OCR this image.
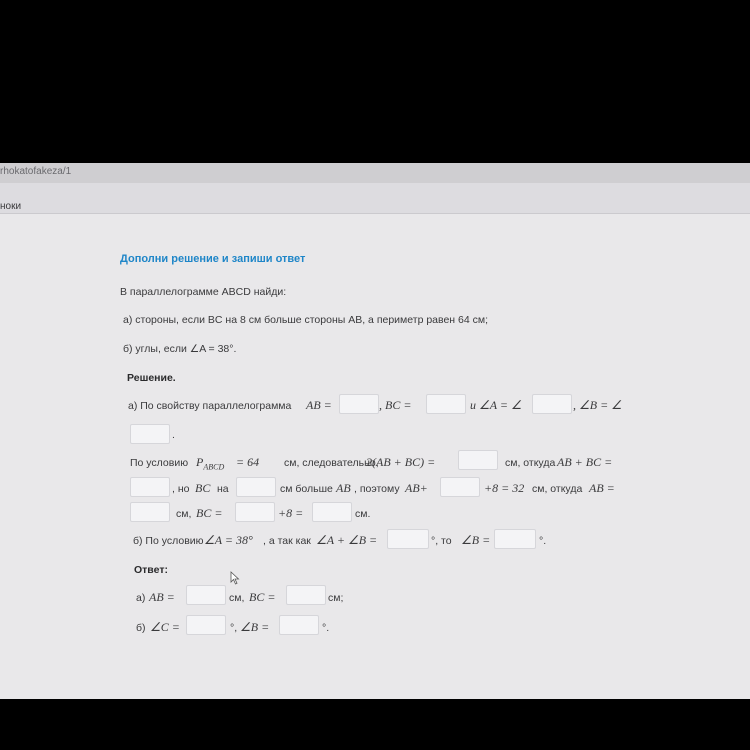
rhokatofakeza/1
ноки
Дополни решение и запиши ответ
В параллелограмме ABCD найди:
а) стороны, если BC на 8 см больше стороны AB, а периметр равен 64 см;
б) углы, если ∠A = 38°.
Решение.
а) По свойству параллелограмма AB =	, BC =	и ∠A = ∠	, ∠B = ∠
.
По условию $P_{ABCD} = 64$ см, следовательно,
2(AB + BC) =	см, откуда AB + BC =
, но BC на	см больше AB , поэтому AB+	+8 = 32 см, откуда AB =
см, BC =	+8 =	см.
б) По условию ∠A = 38° , а так как ∠A + ∠B =	°, то ∠B =	°.
Ответ:
а) AB =	см, BC =	см;
б) ∠C =	°, ∠B =	°.
